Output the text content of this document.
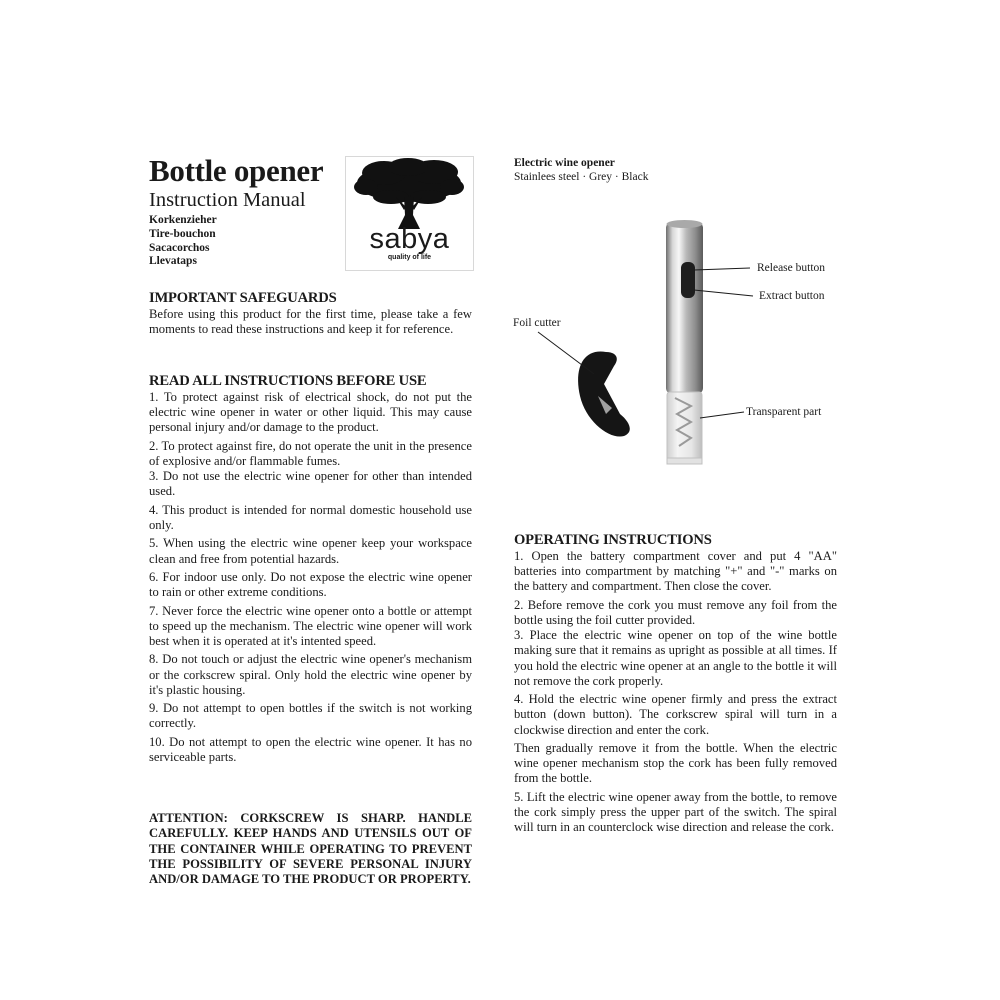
Bottle opener
Instruction Manual
Korkenzieher
Tire-bouchon
Sacacorchos
Llevataps
sabya
quality of life
IMPORTANT SAFEGUARDS

Before using this product for the first time, please take a few moments to read these instructions and keep it for reference.

READ ALL INSTRUCTIONS BEFORE USE

1. To protect against risk of electrical shock, do not put the electric wine opener in water or other liquid. This may cause personal injury and/or damage to the product.

2. To protect against fire, do not operate the unit in the presence of explosive and/or flammable fumes.

3. Do not use the electric wine opener for other than intended used.

4. This product is intended for normal domestic household use only.

5. When using the electric wine opener keep your workspace clean and free from potential hazards.

6. For indoor use only. Do not expose the electric wine opener to rain or other extreme conditions.

7. Never force the electric wine opener onto a bottle or attempt to speed up the mechanism. The electric wine opener will work best when it is operated at it's intented speed.

8. Do not touch or adjust the electric wine opener's mechanism or the corkscrew spiral. Only hold the electric wine opener by it's plastic housing.

9. Do not attempt to open bottles if the switch is not working correctly.

10. Do not attempt to open the electric wine opener. It has no serviceable parts.

ATTENTION: CORKSCREW IS SHARP. HANDLE CAREFULLY. KEEP HANDS AND UTENSILS OUT OF THE CONTAINER WHILE OPERATING TO PREVENT THE POSSIBILITY OF SEVERE PERSONAL INJURY AND/OR DAMAGE TO THE PRODUCT OR PROPERTY.

Electric wine opener
Stainlees steel · Grey · Black
Foil cutter
Release button
Extract button
Transparent part
OPERATING INSTRUCTIONS

1. Open the battery compartment cover and put 4 "AA" batteries into compartment by matching "+" and "-" marks on the battery and compartment. Then close the cover.

2. Before remove the cork you must remove any foil from the bottle using the foil cutter provided.

3. Place the electric wine opener on top of the wine bottle making sure that it remains as upright as possible at all times. If you hold the electric wine opener at an angle to the bottle it will not remove the cork properly.

4. Hold the electric wine opener firmly and press the extract button (down button). The corkscrew spiral will turn in a clockwise direction and enter the cork.

Then gradually remove it from the bottle. When the electric wine opener mechanism stop the cork has been fully removed from the bottle.

5. Lift the electric wine opener away from the bottle, to remove the cork simply press the upper part of the switch. The spiral will turn in an counterclock wise direction and release the cork.
